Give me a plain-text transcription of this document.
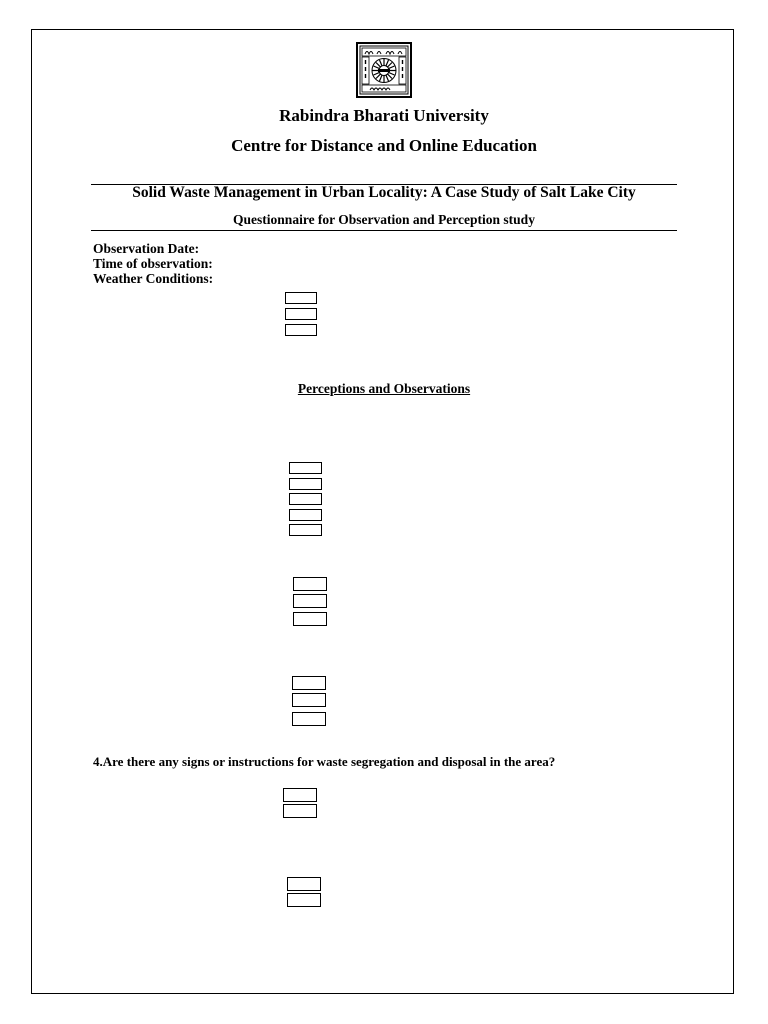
Rabindra Bharati University
Centre for Distance and Online Education
Solid Waste Management in Urban Locality: A Case Study of Salt Lake City
Questionnaire for Observation and Perception study
Observation Date:
Time of observation:
Weather Conditions:
Perceptions and Observations
4.Are there any signs or instructions for waste segregation and disposal in the area?
